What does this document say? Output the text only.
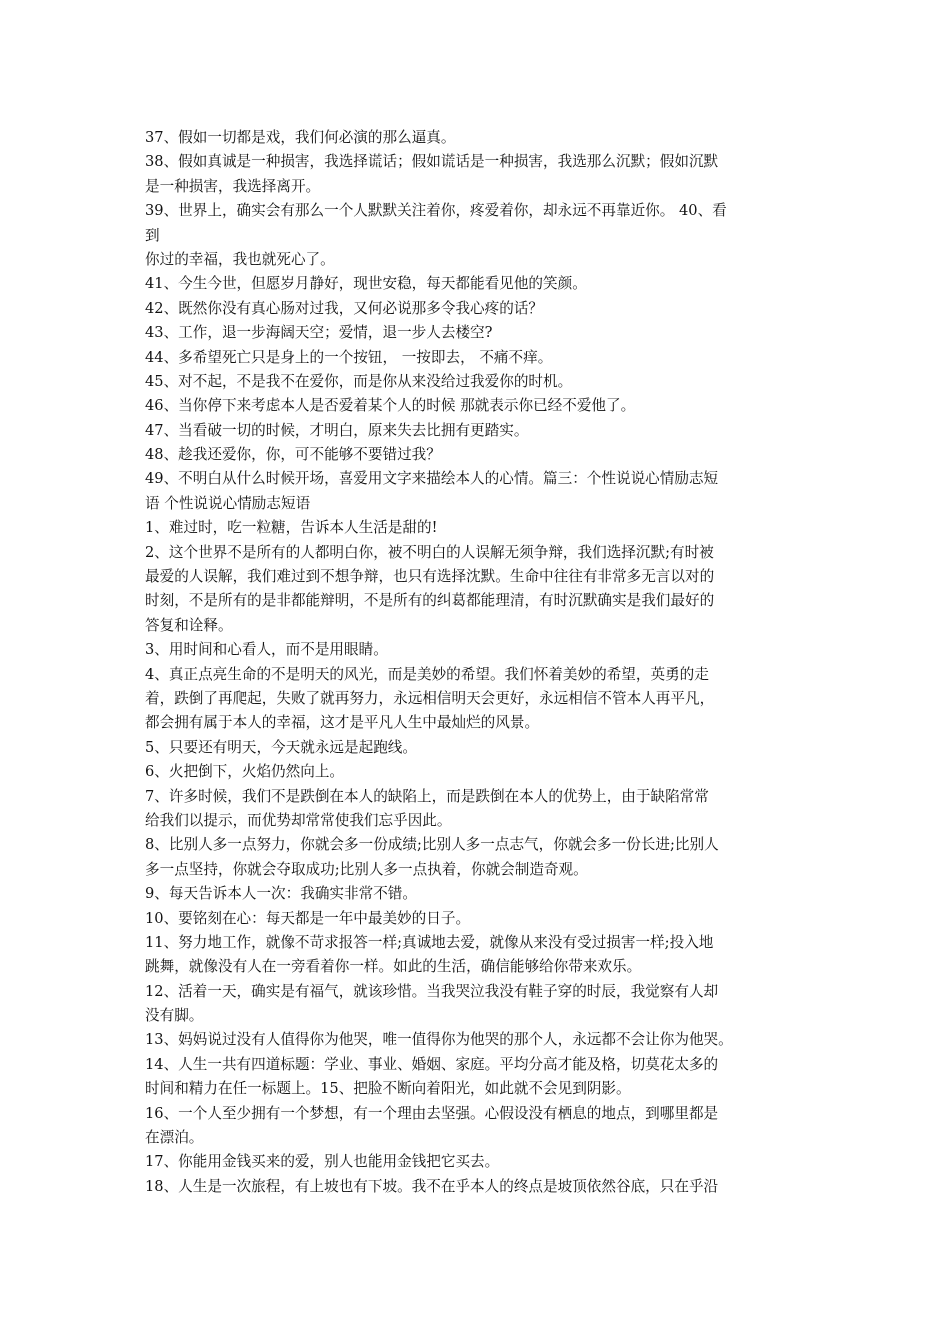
37、假如一切都是戏，我们何必演的那么逼真。
38、假如真诚是一种损害，我选择谎话；假如谎话是一种损害，我选那么沉默；假如沉默
是一种损害，我选择离开。
39、世界上，确实会有那么一个人默默关注着你，疼爱着你，却永远不再靠近你。 40、看
到
你过的幸福，我也就死心了。
41、今生今世，但愿岁月静好，现世安稳，每天都能看见他的笑颜。
42、既然你没有真心肠对过我，又何必说那多令我心疼的话？
43、工作，退一步海阔天空；爱情，退一步人去楼空?
44、多希望死亡只是身上的一个按钮， 一按即去， 不痛不痒。
45、对不起，不是我不在爱你，而是你从来没给过我爱你的时机。
46、当你停下来考虑本人是否爱着某个人的时候 那就表示你已经不爱他了。
47、当看破一切的时候，才明白，原来失去比拥有更踏实。
48、趁我还爱你，你，可不能够不要错过我？
49、不明白从什么时候开场，喜爱用文字来描绘本人的心情。篇三：个性说说心情励志短
语 个性说说心情励志短语
1、难过时，吃一粒糖，告诉本人生活是甜的!
2、这个世界不是所有的人都明白你，被不明白的人误解无须争辩，我们选择沉默;有时被
最爱的人误解，我们难过到不想争辩，也只有选择沈默。生命中往往有非常多无言以对的
时刻，不是所有的是非都能辩明，不是所有的纠葛都能理清，有时沉默确实是我们最好的
答复和诠释。
3、用时间和心看人，而不是用眼睛。
4、真正点亮生命的不是明天的风光，而是美妙的希望。我们怀着美妙的希望，英勇的走
着，跌倒了再爬起，失败了就再努力，永远相信明天会更好，永远相信不管本人再平凡，
都会拥有属于本人的幸福，这才是平凡人生中最灿烂的风景。
5、只要还有明天，今天就永远是起跑线。
6、火把倒下，火焰仍然向上。
7、许多时候，我们不是跌倒在本人的缺陷上，而是跌倒在本人的优势上，由于缺陷常常
给我们以提示，而优势却常常使我们忘乎因此。
8、比别人多一点努力，你就会多一份成绩;比别人多一点志气，你就会多一份长进;比别人
多一点坚持，你就会夺取成功;比别人多一点执着，你就会制造奇观。
9、每天告诉本人一次：我确实非常不错。
10、要铭刻在心：每天都是一年中最美妙的日子。
11、努力地工作，就像不苛求报答一样;真诚地去爱，就像从来没有受过损害一样;投入地
跳舞，就像没有人在一旁看着你一样。如此的生活，确信能够给你带来欢乐。
12、活着一天，确实是有福气，就该珍惜。当我哭泣我没有鞋子穿的时辰，我觉察有人却
没有脚。
13、妈妈说过没有人值得你为他哭，唯一值得你为他哭的那个人，永远都不会让你为他哭。
14、人生一共有四道标题：学业、事业、婚姻、家庭。平均分高才能及格，切莫花太多的
时间和精力在任一标题上。15、把脸不断向着阳光，如此就不会见到阴影。
16、一个人至少拥有一个梦想，有一个理由去坚强。心假设没有栖息的地点，到哪里都是
在漂泊。
17、你能用金钱买来的爱，别人也能用金钱把它买去。
18、人生是一次旅程，有上坡也有下坡。我不在乎本人的终点是坡顶依然谷底，只在乎沿
